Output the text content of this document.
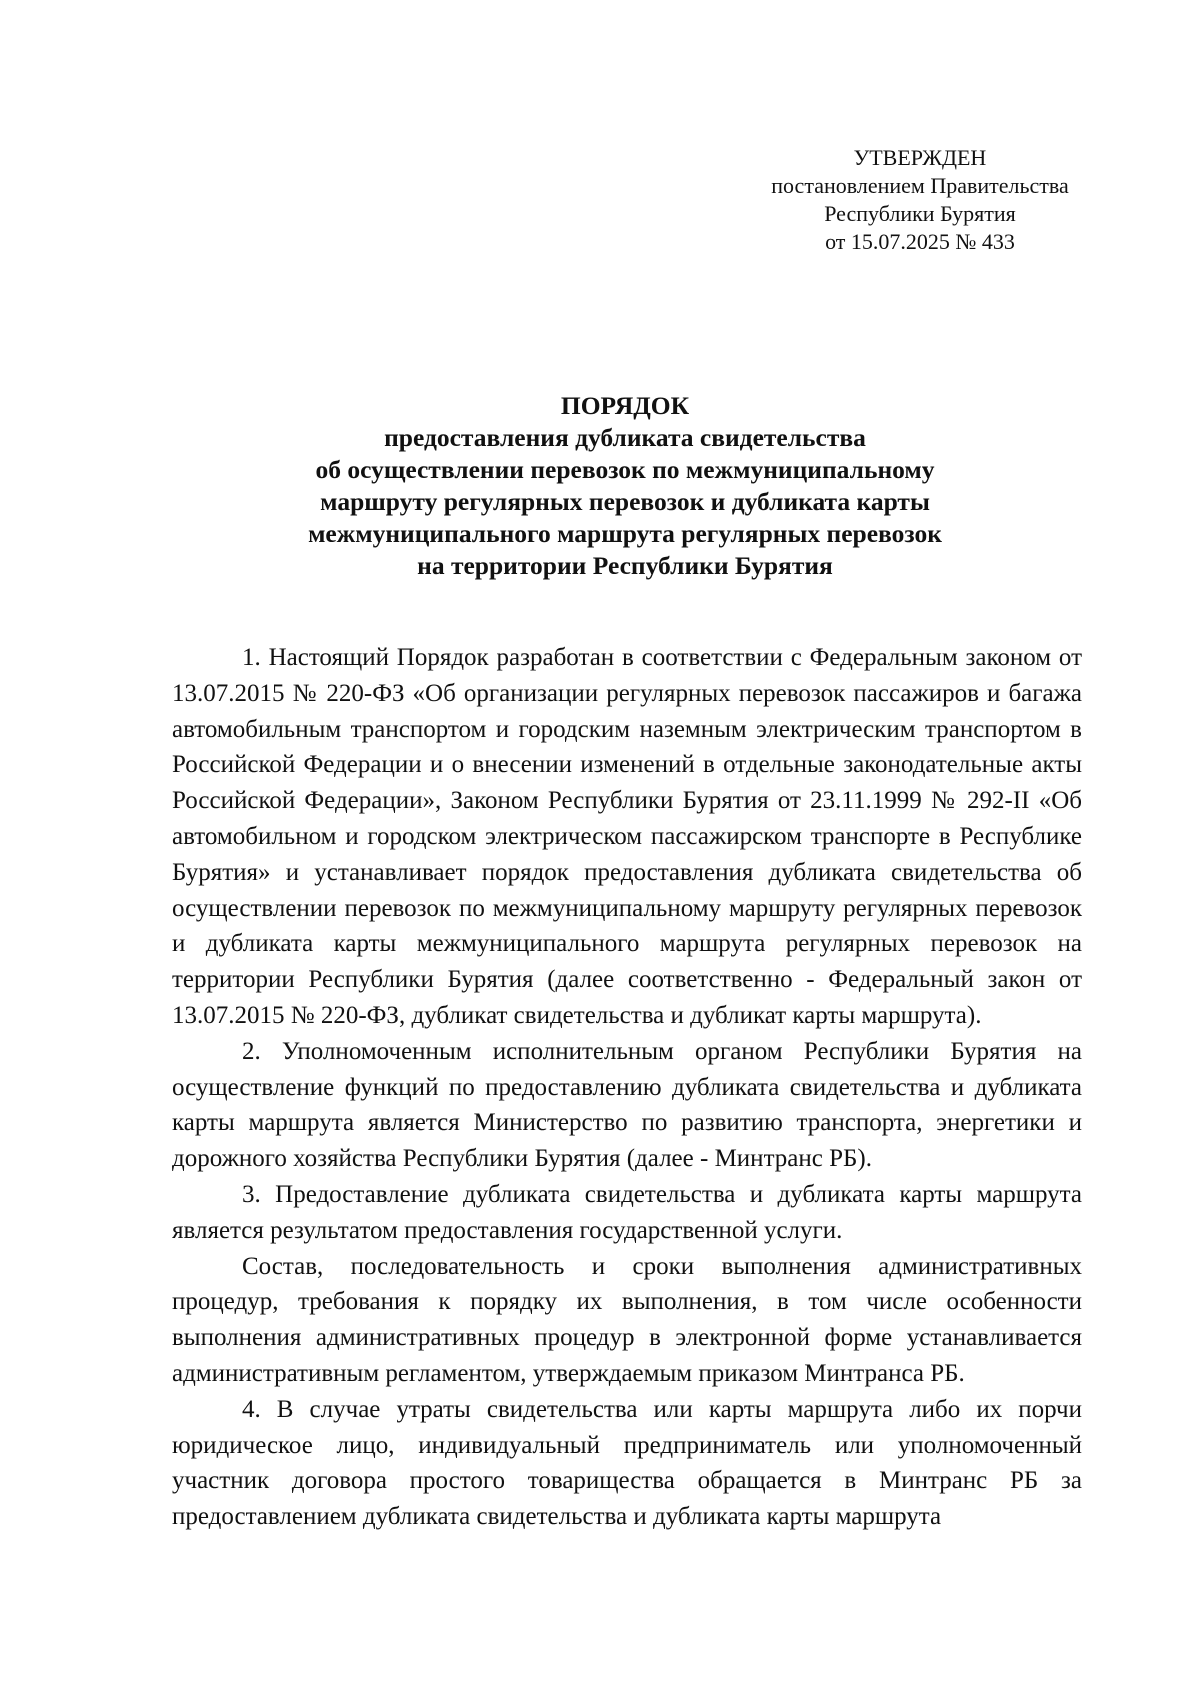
УТВЕРЖДЕН
постановлением Правительства
Республики Бурятия
от 15.07.2025 № 433
ПОРЯДОК
предоставления дубликата свидетельства
об осуществлении перевозок по межмуниципальному
маршруту регулярных перевозок и дубликата карты
межмуниципального маршрута регулярных перевозок
на территории Республики Бурятия

1. Настоящий Порядок разработан в соответствии с Федеральным законом от 13.07.2015 № 220-ФЗ «Об организации регулярных перевозок пассажиров и багажа автомобильным транспортом и городским наземным электрическим транспортом в Российской Федерации и о внесении изменений в отдельные законодательные акты Российской Федерации», Законом Республики Бурятия от 23.11.1999 № 292-II «Об автомобильном и городском электрическом пассажирском транспорте в Республике Бурятия» и устанавливает порядок предоставления дубликата свидетельства об осуществлении перевозок по межмуниципальному маршруту регулярных перевозок и дубликата карты межмуниципального маршрута регулярных перевозок на территории Республики Бурятия (далее соответственно - Федеральный закон от 13.07.2015 № 220-ФЗ, дубликат свидетельства и дубликат карты маршрута).

2. Уполномоченным исполнительным органом Республики Бурятия на осуществление функций по предоставлению дубликата свидетельства и дубликата карты маршрута является Министерство по развитию транспорта, энергетики и дорожного хозяйства Республики Бурятия (далее - Минтранс РБ).

3. Предоставление дубликата свидетельства и дубликата карты маршрута является результатом предоставления государственной услуги.

Состав, последовательность и сроки выполнения административных процедур, требования к порядку их выполнения, в том числе особенности выполнения административных процедур в электронной форме устанавливается административным регламентом, утверждаемым приказом Минтранса РБ.

4. В случае утраты свидетельства или карты маршрута либо их порчи юридическое лицо, индивидуальный предприниматель или уполномоченный участник договора простого товарищества обращается в Минтранс РБ за предоставлением дубликата свидетельства и дубликата карты маршрута
